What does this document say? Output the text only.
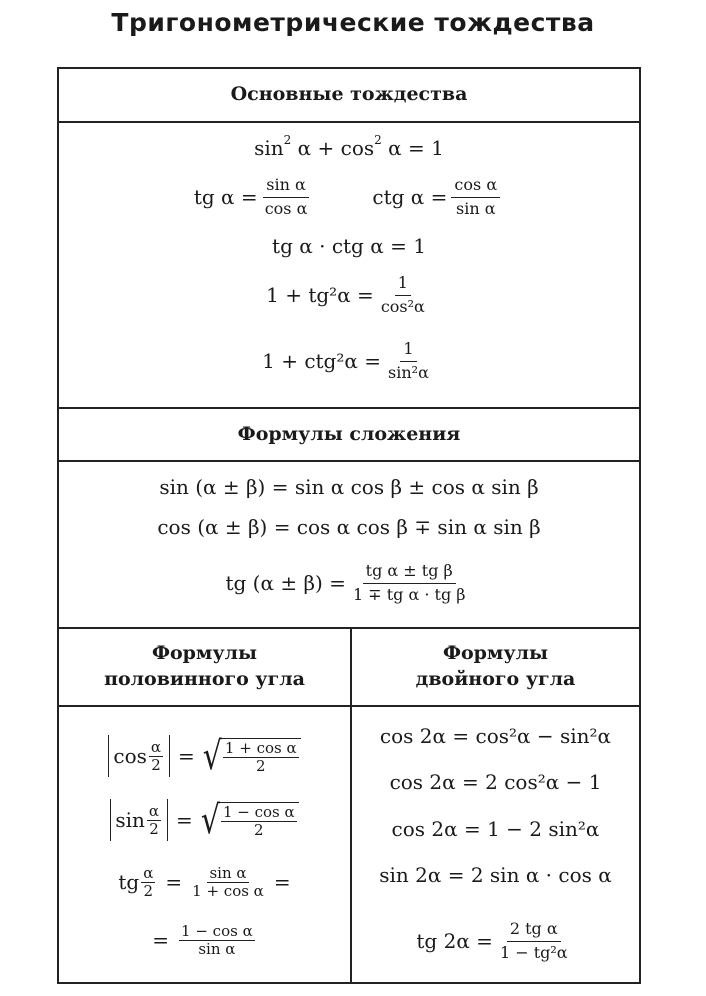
Тригонометрические тождества
Основные тождества
sin 2 α + cos 2 α = 1
tg $\alpha = \frac{\text{sin α}}{\text{cos α}}$	ctg $\alpha = \frac{\text{cos α}}{\text{sin α}}$
tg α · ctg α = 1
$1 + tg^2\alpha = \frac{1}{\text{cos²α}}$
$1 + ctg^2\alpha = \frac{1}{\text{sin²α}}$
Формулы сложения
sin (α ± β) = sin α cos β ± cos α sin β
cos (α ± β) = cos α cos β ∓ sin α sin β
tg $(\alpha \pm \beta) = \frac{\text{tg α ± tg β}}{\text{1 ∓ tg α · tg β}}$
Формулы
половинного угла
Формулы
двойного угла
$\cos \frac{\alpha}{2}$ = √ $\frac{\text{1 + cos α}}{2}$
$\sin \frac{\alpha}{2}$ = √ $\frac{\text{1 − cos α}}{2}$
tg $\frac{\alpha}{2} = \frac{\text{sin α}}{\text{1 + cos α}}$ =
= $\frac{\text{1 − cos α}}{\text{sin α}}$
cos 2α = cos²α − sin²α
cos 2α = 2 cos²α − 1
cos 2α = 1 − 2 sin²α
sin 2α = 2 sin α · cos α
tg $2\alpha = \frac{\text{2 tg α}}{\text{1 − tg²α}}$
